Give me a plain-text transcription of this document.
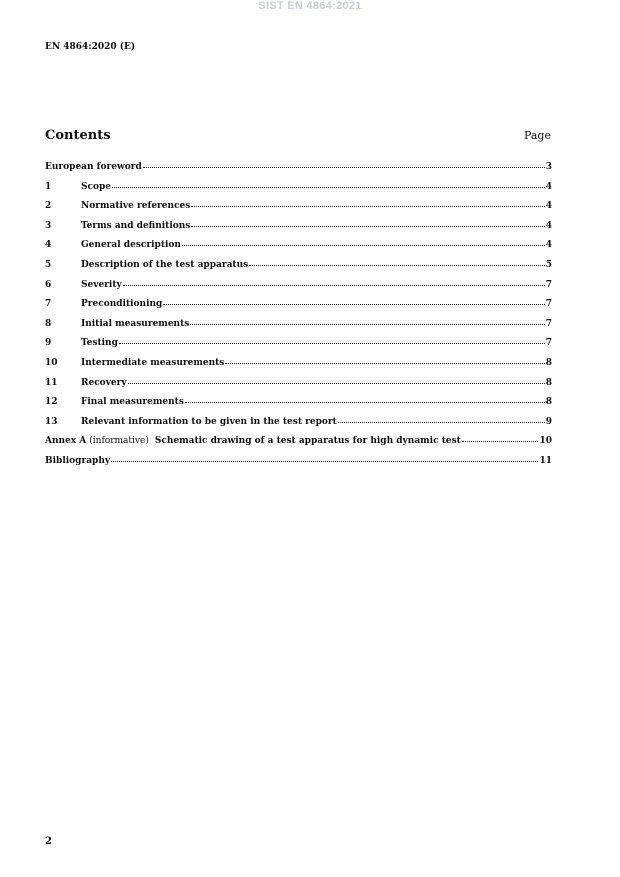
SIST EN 4864:2021
EN 4864:2020 (E)
Contents	Page
European foreword	3
1	Scope	4
2	Normative references	4
3	Terms and definitions	4
4	General description	4
5	Description of the test apparatus	5
6	Severity	7
7	Preconditioning	7
8	Initial measurements	7
9	Testing	7
10	Intermediate measurements	8
11	Recovery	8
12	Final measurements	8
13	Relevant information to be given in the test report	9
Annex A (informative) Schematic drawing of a test apparatus for high dynamic test	10
Bibliography	11
2
